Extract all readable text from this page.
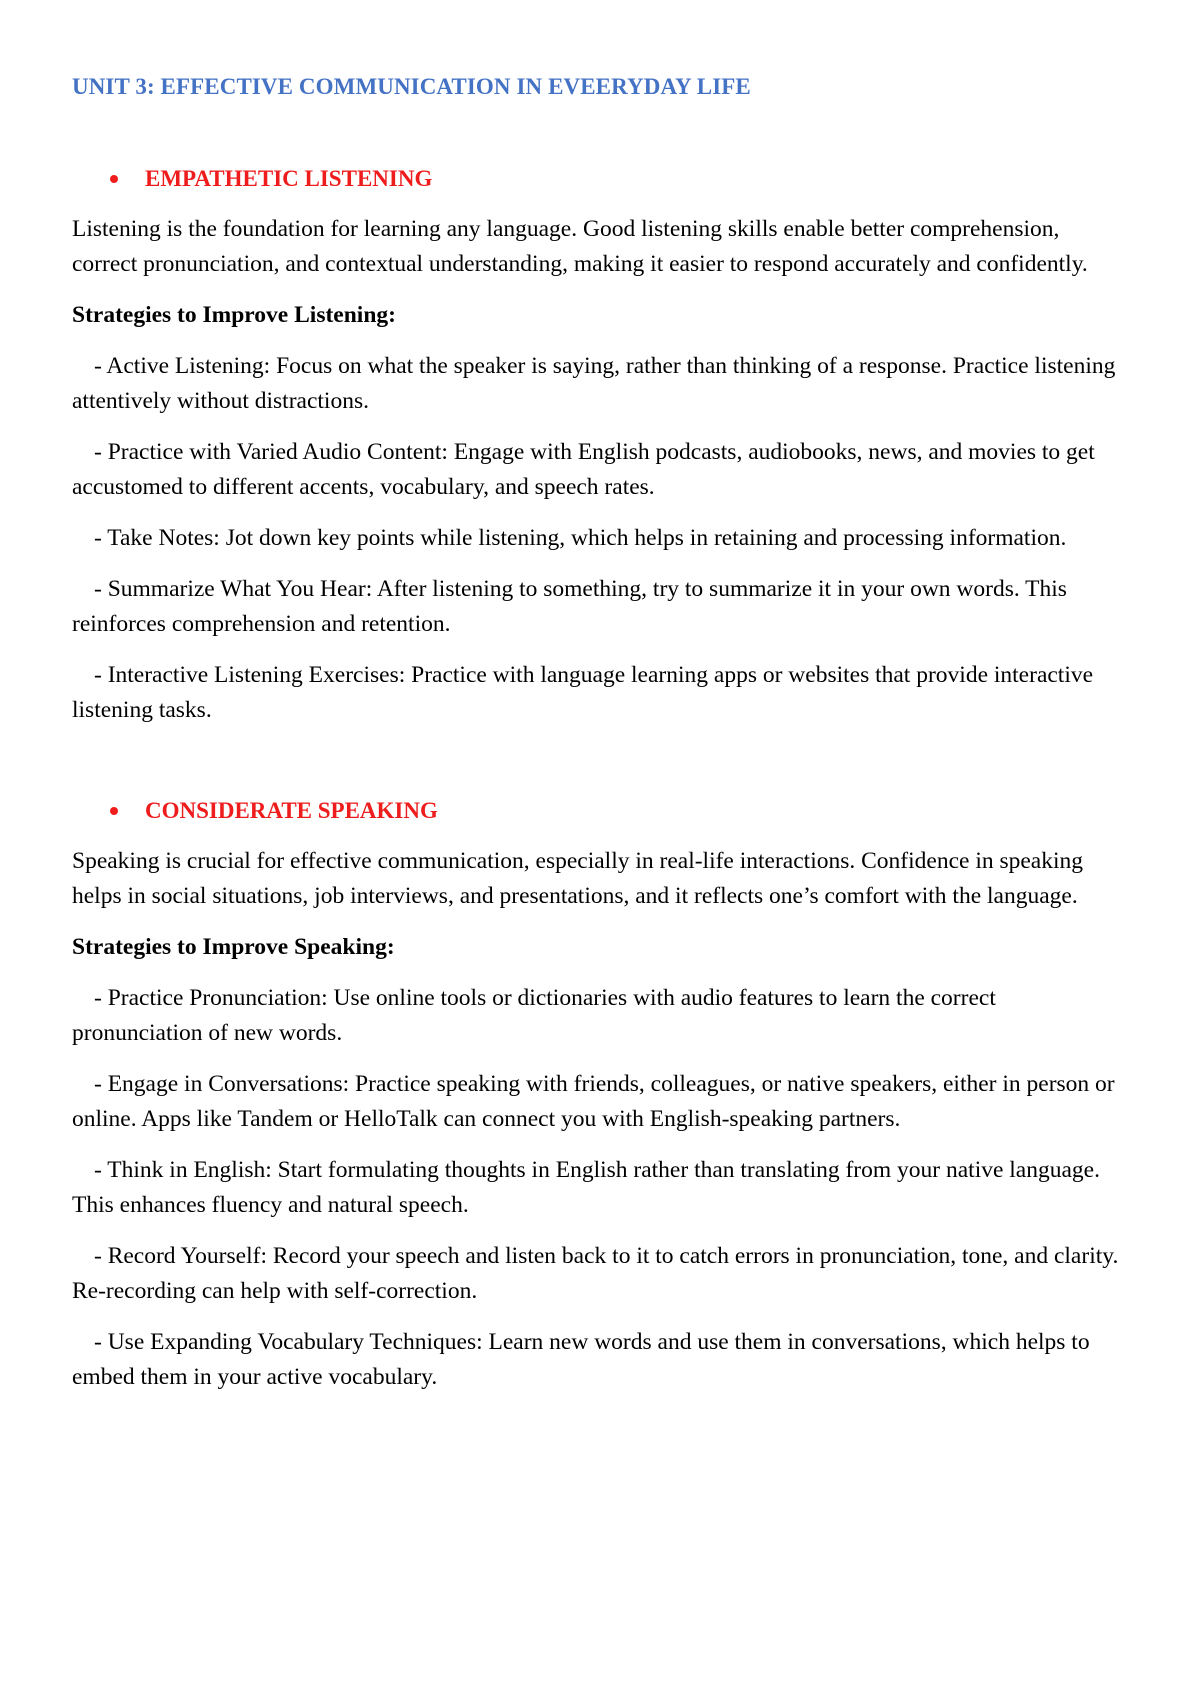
UNIT 3: EFFECTIVE COMMUNICATION IN EVEERYDAY LIFE
EMPATHETIC LISTENING

Listening is the foundation for learning any language. Good listening skills enable better comprehension, correct pronunciation, and contextual understanding, making it easier to respond accurately and confidently.

Strategies to Improve Listening:

- Active Listening: Focus on what the speaker is saying, rather than thinking of a response. Practice listening attentively without distractions.

- Practice with Varied Audio Content: Engage with English podcasts, audiobooks, news, and movies to get accustomed to different accents, vocabulary, and speech rates.

- Take Notes: Jot down key points while listening, which helps in retaining and processing information.

- Summarize What You Hear: After listening to something, try to summarize it in your own words. This reinforces comprehension and retention.

- Interactive Listening Exercises: Practice with language learning apps or websites that provide interactive listening tasks.

CONSIDERATE SPEAKING

Speaking is crucial for effective communication, especially in real-life interactions. Confidence in speaking helps in social situations, job interviews, and presentations, and it reflects one’s comfort with the language.

Strategies to Improve Speaking:

- Practice Pronunciation: Use online tools or dictionaries with audio features to learn the correct pronunciation of new words.

- Engage in Conversations: Practice speaking with friends, colleagues, or native speakers, either in person or online. Apps like Tandem or HelloTalk can connect you with English-speaking partners.

- Think in English: Start formulating thoughts in English rather than translating from your native language. This enhances fluency and natural speech.

- Record Yourself: Record your speech and listen back to it to catch errors in pronunciation, tone, and clarity. Re-recording can help with self-correction.

- Use Expanding Vocabulary Techniques: Learn new words and use them in conversations, which helps to embed them in your active vocabulary.
